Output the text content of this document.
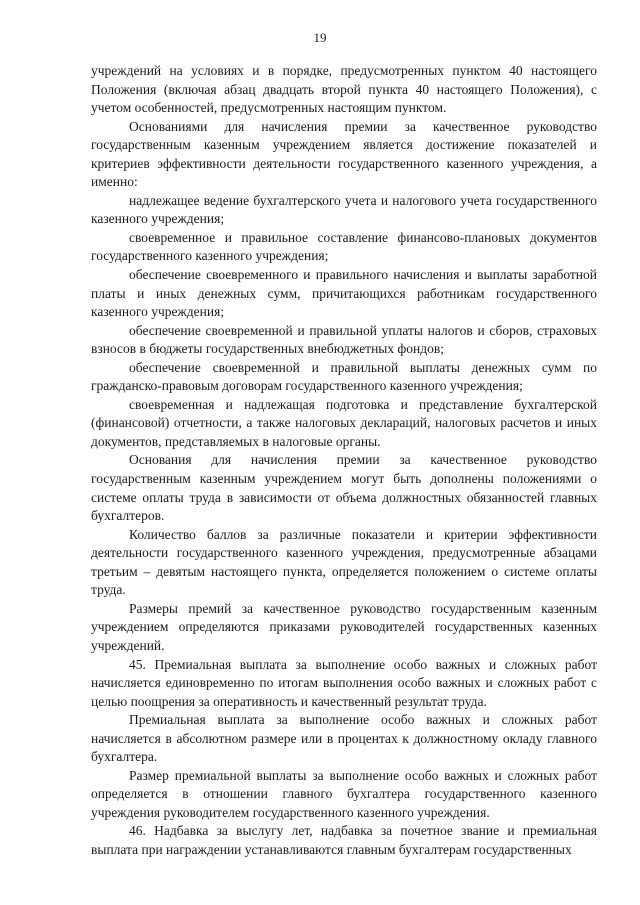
19

учреждений на условиях и в порядке, предусмотренных пунктом 40 настоящего Положения (включая абзац двадцать второй пункта 40 настоящего Положения), с учетом особенностей, предусмотренных настоящим пунктом.

Основаниями для начисления премии за качественное руководство государственным казенным учреждением является достижение показателей и критериев эффективности деятельности государственного казенного учреждения, а именно:

надлежащее ведение бухгалтерского учета и налогового учета государственного казенного учреждения;

своевременное и правильное составление финансово-плановых документов государственного казенного учреждения;

обеспечение своевременного и правильного начисления и выплаты заработной платы и иных денежных сумм, причитающихся работникам государственного казенного учреждения;

обеспечение своевременной и правильной уплаты налогов и сборов, страховых взносов в бюджеты государственных внебюджетных фондов;

обеспечение своевременной и правильной выплаты денежных сумм по гражданско-правовым договорам государственного казенного учреждения;

своевременная и надлежащая подготовка и представление бухгалтерской (финансовой) отчетности, а также налоговых деклараций, налоговых расчетов и иных документов, представляемых в налоговые органы.

Основания для начисления премии за качественное руководство государственным казенным учреждением могут быть дополнены положениями о системе оплаты труда в зависимости от объема должностных обязанностей главных бухгалтеров.

Количество баллов за различные показатели и критерии эффективности деятельности государственного казенного учреждения, предусмотренные абзацами третьим – девятым настоящего пункта, определяется положением о системе оплаты труда.

Размеры премий за качественное руководство государственным казенным учреждением определяются приказами руководителей государственных казенных учреждений.

45. Премиальная выплата за выполнение особо важных и сложных работ начисляется единовременно по итогам выполнения особо важных и сложных работ с целью поощрения за оперативность и качественный результат труда.

Премиальная выплата за выполнение особо важных и сложных работ начисляется в абсолютном размере или в процентах к должностному окладу главного бухгалтера.

Размер премиальной выплаты за выполнение особо важных и сложных работ определяется в отношении главного бухгалтера государственного казенного учреждения руководителем государственного казенного учреждения.

46. Надбавка за выслугу лет, надбавка за почетное звание и премиальная выплата при награждении устанавливаются главным бухгалтерам государственных
